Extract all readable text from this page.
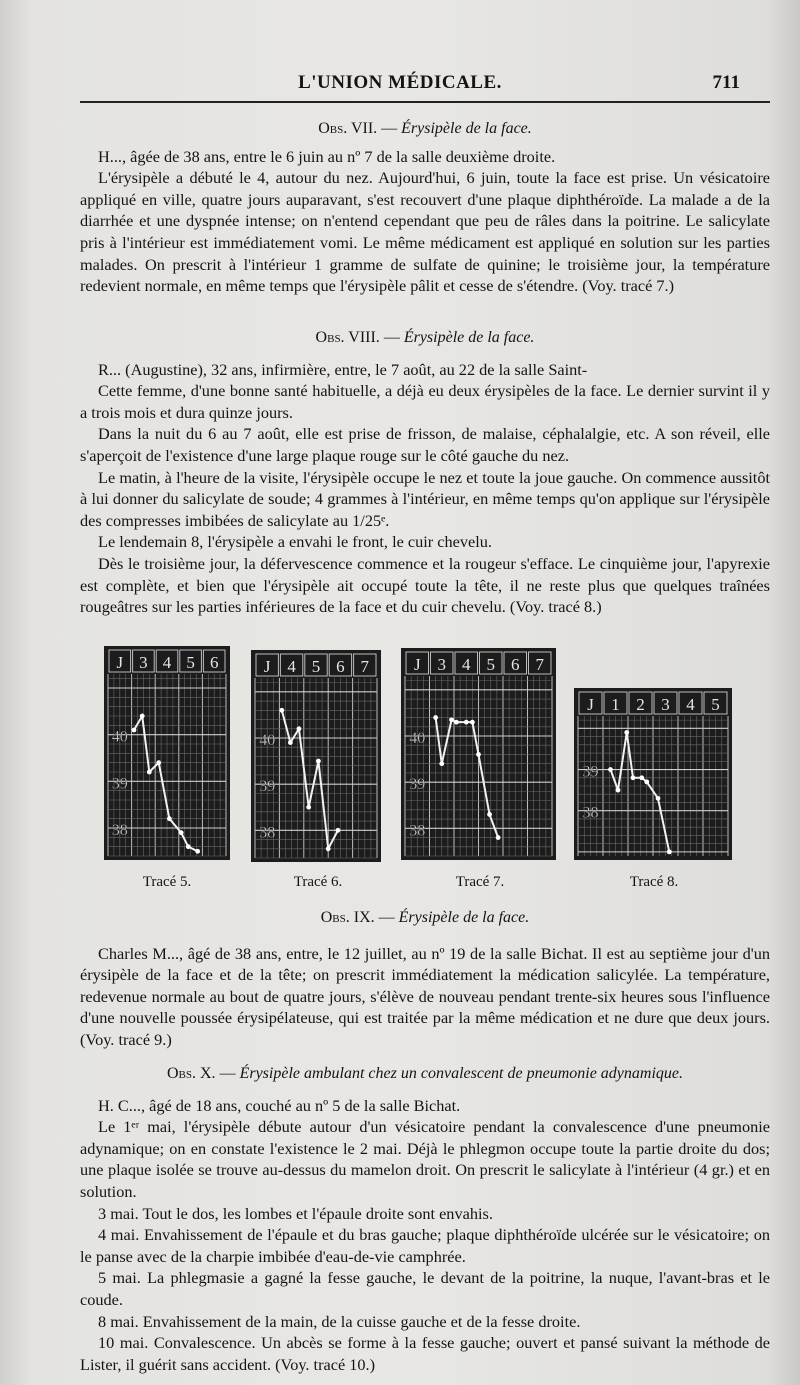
L'UNION MÉDICALE.	711

Obs. VII. — Érysipèle de la face.

H..., âgée de 38 ans, entre le 6 juin au nº 7 de la salle deuxième droite.

L'érysipèle a débuté le 4, autour du nez. Aujourd'hui, 6 juin, toute la face est prise. Un vésicatoire appliqué en ville, quatre jours auparavant, s'est recouvert d'une plaque diphthéroïde. La malade a de la diarrhée et une dyspnée intense; on n'entend cependant que peu de râles dans la poitrine. Le salicylate pris à l'intérieur est immédiatement vomi. Le même médicament est appliqué en solution sur les parties malades. On prescrit à l'intérieur 1 gramme de sulfate de quinine; le troisième jour, la température redevient normale, en même temps que l'érysipèle pâlit et cesse de s'étendre. (Voy. tracé 7.)

Obs. VIII. — Érysipèle de la face.

R... (Augustine), 32 ans, infirmière, entre, le 7 août, au 22 de la salle Saint-

Cette femme, d'une bonne santé habituelle, a déjà eu deux érysipèles de la face. Le dernier survint il y a trois mois et dura quinze jours.

Dans la nuit du 6 au 7 août, elle est prise de frisson, de malaise, céphalalgie, etc. A son réveil, elle s'aperçoit de l'existence d'une large plaque rouge sur le côté gauche du nez.

Le matin, à l'heure de la visite, l'érysipèle occupe le nez et toute la joue gauche. On commence aussitôt à lui donner du salicylate de soude; 4 grammes à l'intérieur, en même temps qu'on applique sur l'érysipèle des compresses imbibées de salicylate au 1/25ᵉ.

Le lendemain 8, l'érysipèle a envahi le front, le cuir chevelu.

Dès le troisième jour, la défervescence commence et la rougeur s'efface. Le cinquième jour, l'apyrexie est complète, et bien que l'érysipèle ait occupé toute la tête, il ne reste plus que quelques traînées rougeâtres sur les parties inférieures de la face et du cuir chevelu. (Voy. tracé 8.)

J 3 4 5 6
40
39
38
J 4 5 6 7
40
39
38
J 3 4 5 6 7
40
39
38
J 1 2 3 4 5
39
38
Tracé 5.	Tracé 6.	Tracé 7.	Tracé 8.

Obs. IX. — Érysipèle de la face.

Charles M..., âgé de 38 ans, entre, le 12 juillet, au nº 19 de la salle Bichat. Il est au septième jour d'un érysipèle de la face et de la tête; on prescrit immédiatement la médication salicylée. La température, redevenue normale au bout de quatre jours, s'élève de nouveau pendant trente-six heures sous l'influence d'une nouvelle poussée érysipélateuse, qui est traitée par la même médication et ne dure que deux jours. (Voy. tracé 9.)

Obs. X. — Érysipèle ambulant chez un convalescent de pneumonie adynamique.

H. C..., âgé de 18 ans, couché au nº 5 de la salle Bichat.

Le 1ᵉʳ mai, l'érysipèle débute autour d'un vésicatoire pendant la convalescence d'une pneumonie adynamique; on en constate l'existence le 2 mai. Déjà le phlegmon occupe toute la partie droite du dos; une plaque isolée se trouve au-dessus du mamelon droit. On prescrit le salicylate à l'intérieur (4 gr.) et en solution.

3 mai. Tout le dos, les lombes et l'épaule droite sont envahis.

4 mai. Envahissement de l'épaule et du bras gauche; plaque diphthéroïde ulcérée sur le vésicatoire; on le panse avec de la charpie imbibée d'eau-de-vie camphrée.

5 mai. La phlegmasie a gagné la fesse gauche, le devant de la poitrine, la nuque, l'avant-bras et le coude.

8 mai. Envahissement de la main, de la cuisse gauche et de la fesse droite.

10 mai. Convalescence. Un abcès se forme à la fesse gauche; ouvert et pansé suivant la méthode de Lister, il guérit sans accident. (Voy. tracé 10.)
